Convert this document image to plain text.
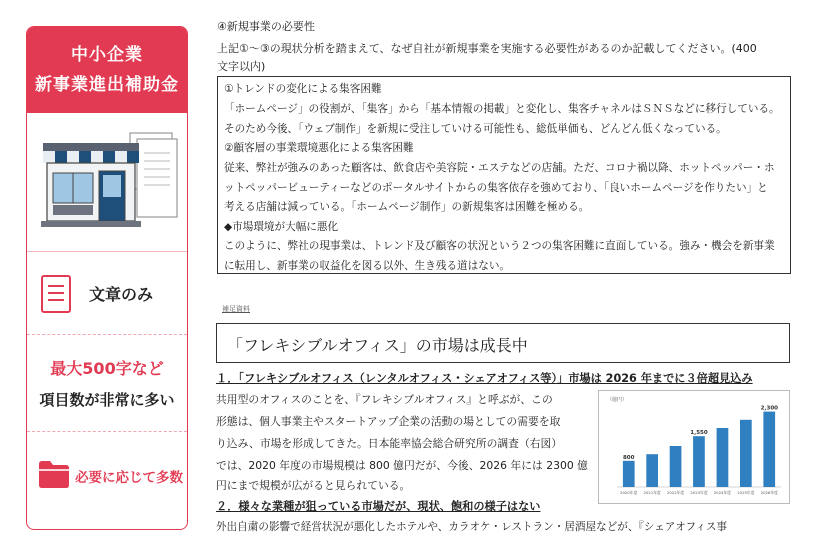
中小企業
新事業進出補助金
文章のみ
最大500字など
項目数が非常に多い
必要に応じて多数
④新規事業の必要性
上記①～③の現状分析を踏まえて、なぜ自社が新規事業を実施する必要性があるのか記載してください。(400
文字以内)
①トレンドの変化による集客困難
「ホームページ」の役割が、「集客」から「基本情報の掲載」と変化し、集客チャネルはＳＮＳなどに移行している。
そのため今後、「ウェブ制作」を新規に受注していける可能性も、総低単価も、どんどん低くなっている。
②顧客層の事業環境悪化による集客困難
従来、弊社が強みのあった顧客は、飲食店や美容院・エステなどの店舗。ただ、コロナ禍以降、ホットペッパー・ホ
ットペッパービューティーなどのポータルサイトからの集客依存を強めており、「良いホームページを作りたい」と
考える店舗は減っている。「ホームページ制作」の新規集客は困難を極める。
◆市場環境が大幅に悪化
このように、弊社の現事業は、トレンド及び顧客の状況という２つの集客困難に直面している。強み・機会を新事業
に転用し、新事業の収益化を図る以外、生き残る道はない。
補足資料
「フレキシブルオフィス」の市場は成長中
１．「フレキシブルオフィス（レンタルオフィス・シェアオフィス等）」市場は 2026 年までに３倍超見込み
共用型のオフィスのことを、『フレキシブルオフィス』と呼ぶが、この
形態は、個人事業主やスタートアップ企業の活動の場としての需要を取
り込み、市場を形成してきた。日本能率協会総合研究所の調査（右図）
では、2020 年度の市場規模は 800 億円だが、今後、2026 年には 2300 億
円にまで規模が広がると見られている。
２．様々な業種が狙っている市場だが、現状、飽和の様子はない
外出自粛の影響で経営状況が悪化したホテルや、カラオケ・レストラン・居酒屋などが、『シェアオフィス事
（億円）
800
2020年度 2021年度 2022年度
1,550
2023年度 2024年度 2025年度
2,300
2026年度
